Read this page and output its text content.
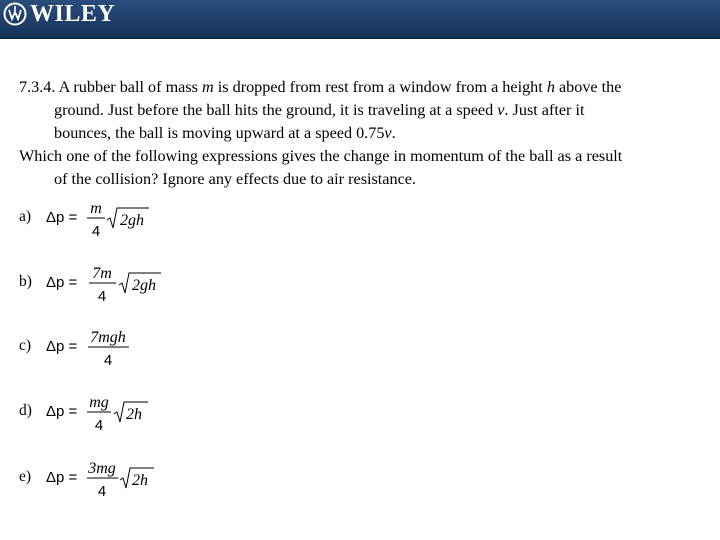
WILEY

7.3.4. A rubber ball of mass m is dropped from rest from a window from a height h above the
ground. Just before the ball hits the ground, it is traveling at a speed v. Just after it
bounces, the ball is moving upward at a speed 0.75v.

Which one of the following expressions gives the change in momentum of the ball as a result
of the collision? Ignore any effects due to air resistance.

a) Δp =
m
4
2gh
b) Δp =
7m
4
2gh
c) Δp =
7mgh
4
d) Δp =
mg
4
2h
e) Δp =
3mg
4
2h
